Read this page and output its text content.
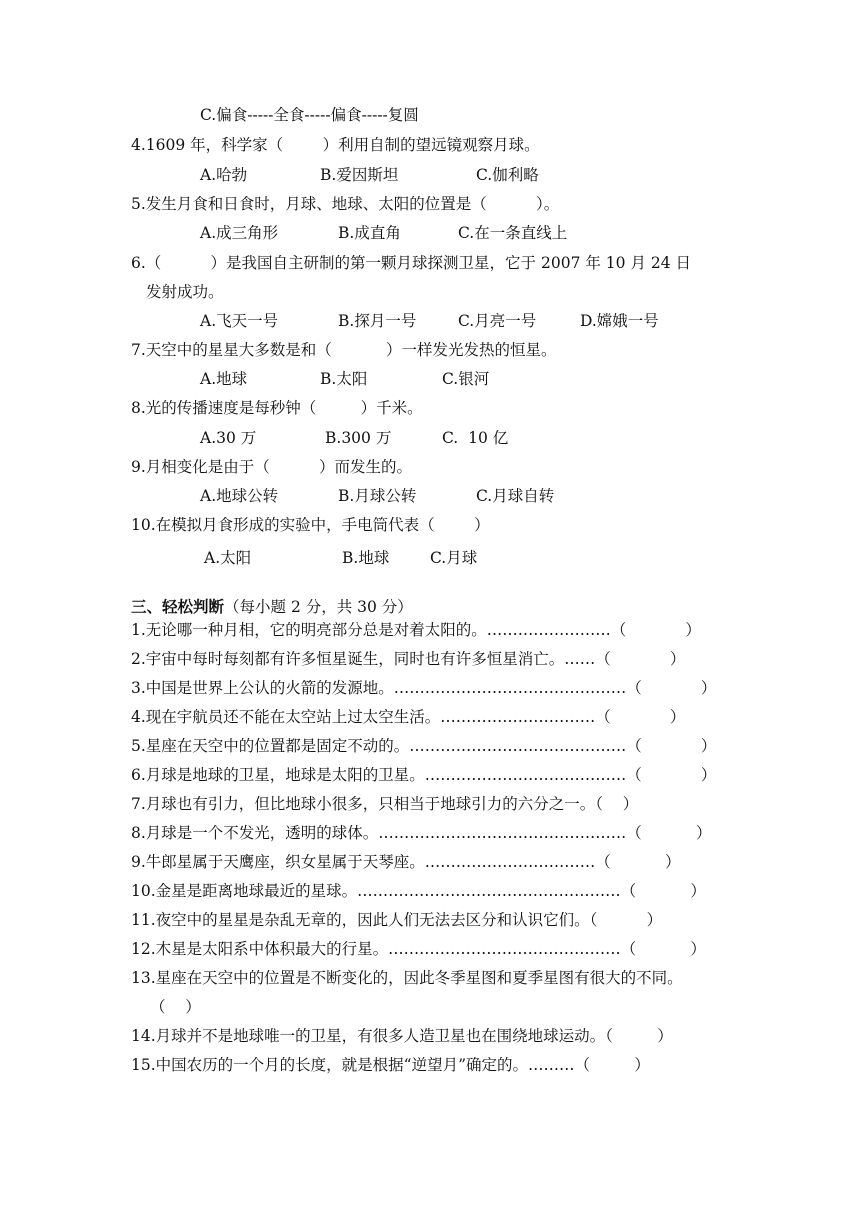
C.偏食-----全食-----偏食-----复圆
4.1609 年，科学家（        ）利用自制的望远镜观察月球。
A.哈勃	B.爱因斯坦	C.伽利略
5.发生月食和日食时，月球、地球、太阳的位置是（          ）。
A.成三角形	B.成直角	C.在一条直线上
6.（          ）是我国自主研制的第一颗月球探测卫星，它于 2007 年 10 月 24 日
发射成功。
A.飞天一号	B.探月一号	C.月亮一号	D.嫦娥一号
7.天空中的星星大多数是和（           ）一样发光发热的恒星。
A.地球	B.太阳	C.银河
8.光的传播速度是每秒钟（         ）千米。
A.30 万	B.300 万	C.  10 亿
9.月相变化是由于（          ）而发生的。
A.地球公转	B.月球公转	C.月球自转
10.在模拟月食形成的实验中，手电筒代表（        ）
A.太阳	B.地球	C.月球
三、轻松判断（每小题 2 分，共 30 分）
1.无论哪一种月相，它的明亮部分总是对着太阳的。……………………（            ）
2.宇宙中每时每刻都有许多恒星诞生，同时也有许多恒星消亡。……（            ）
3.中国是世界上公认的火箭的发源地。………………………………………（            ）
4.现在宇航员还不能在太空站上过太空生活。…………………………（            ）
5.星座在天空中的位置都是固定不动的。……………………………………（            ）
6.月球是地球的卫星，地球是太阳的卫星。…………………………………（            ）
7.月球也有引力，但比地球小很多，只相当于地球引力的六分之一。（    ）
8.月球是一个不发光，透明的球体。…………………………………………（           ）
9.牛郎星属于天鹰座，织女星属于天琴座。……………………………（           ）
10.金星是距离地球最近的星球。……………………………………………（           ）
11.夜空中的星星是杂乱无章的，因此人们无法去区分和认识它们。（          ）
12.木星是太阳系中体积最大的行星。………………………………………（           ）
13.星座在天空中的位置是不断变化的，因此冬季星图和夏季星图有很大的不同。
（    ）
14.月球并不是地球唯一的卫星，有很多人造卫星也在围绕地球运动。（         ）
15.中国农历的一个月的长度，就是根据“逆望月”确定的。………（         ）
